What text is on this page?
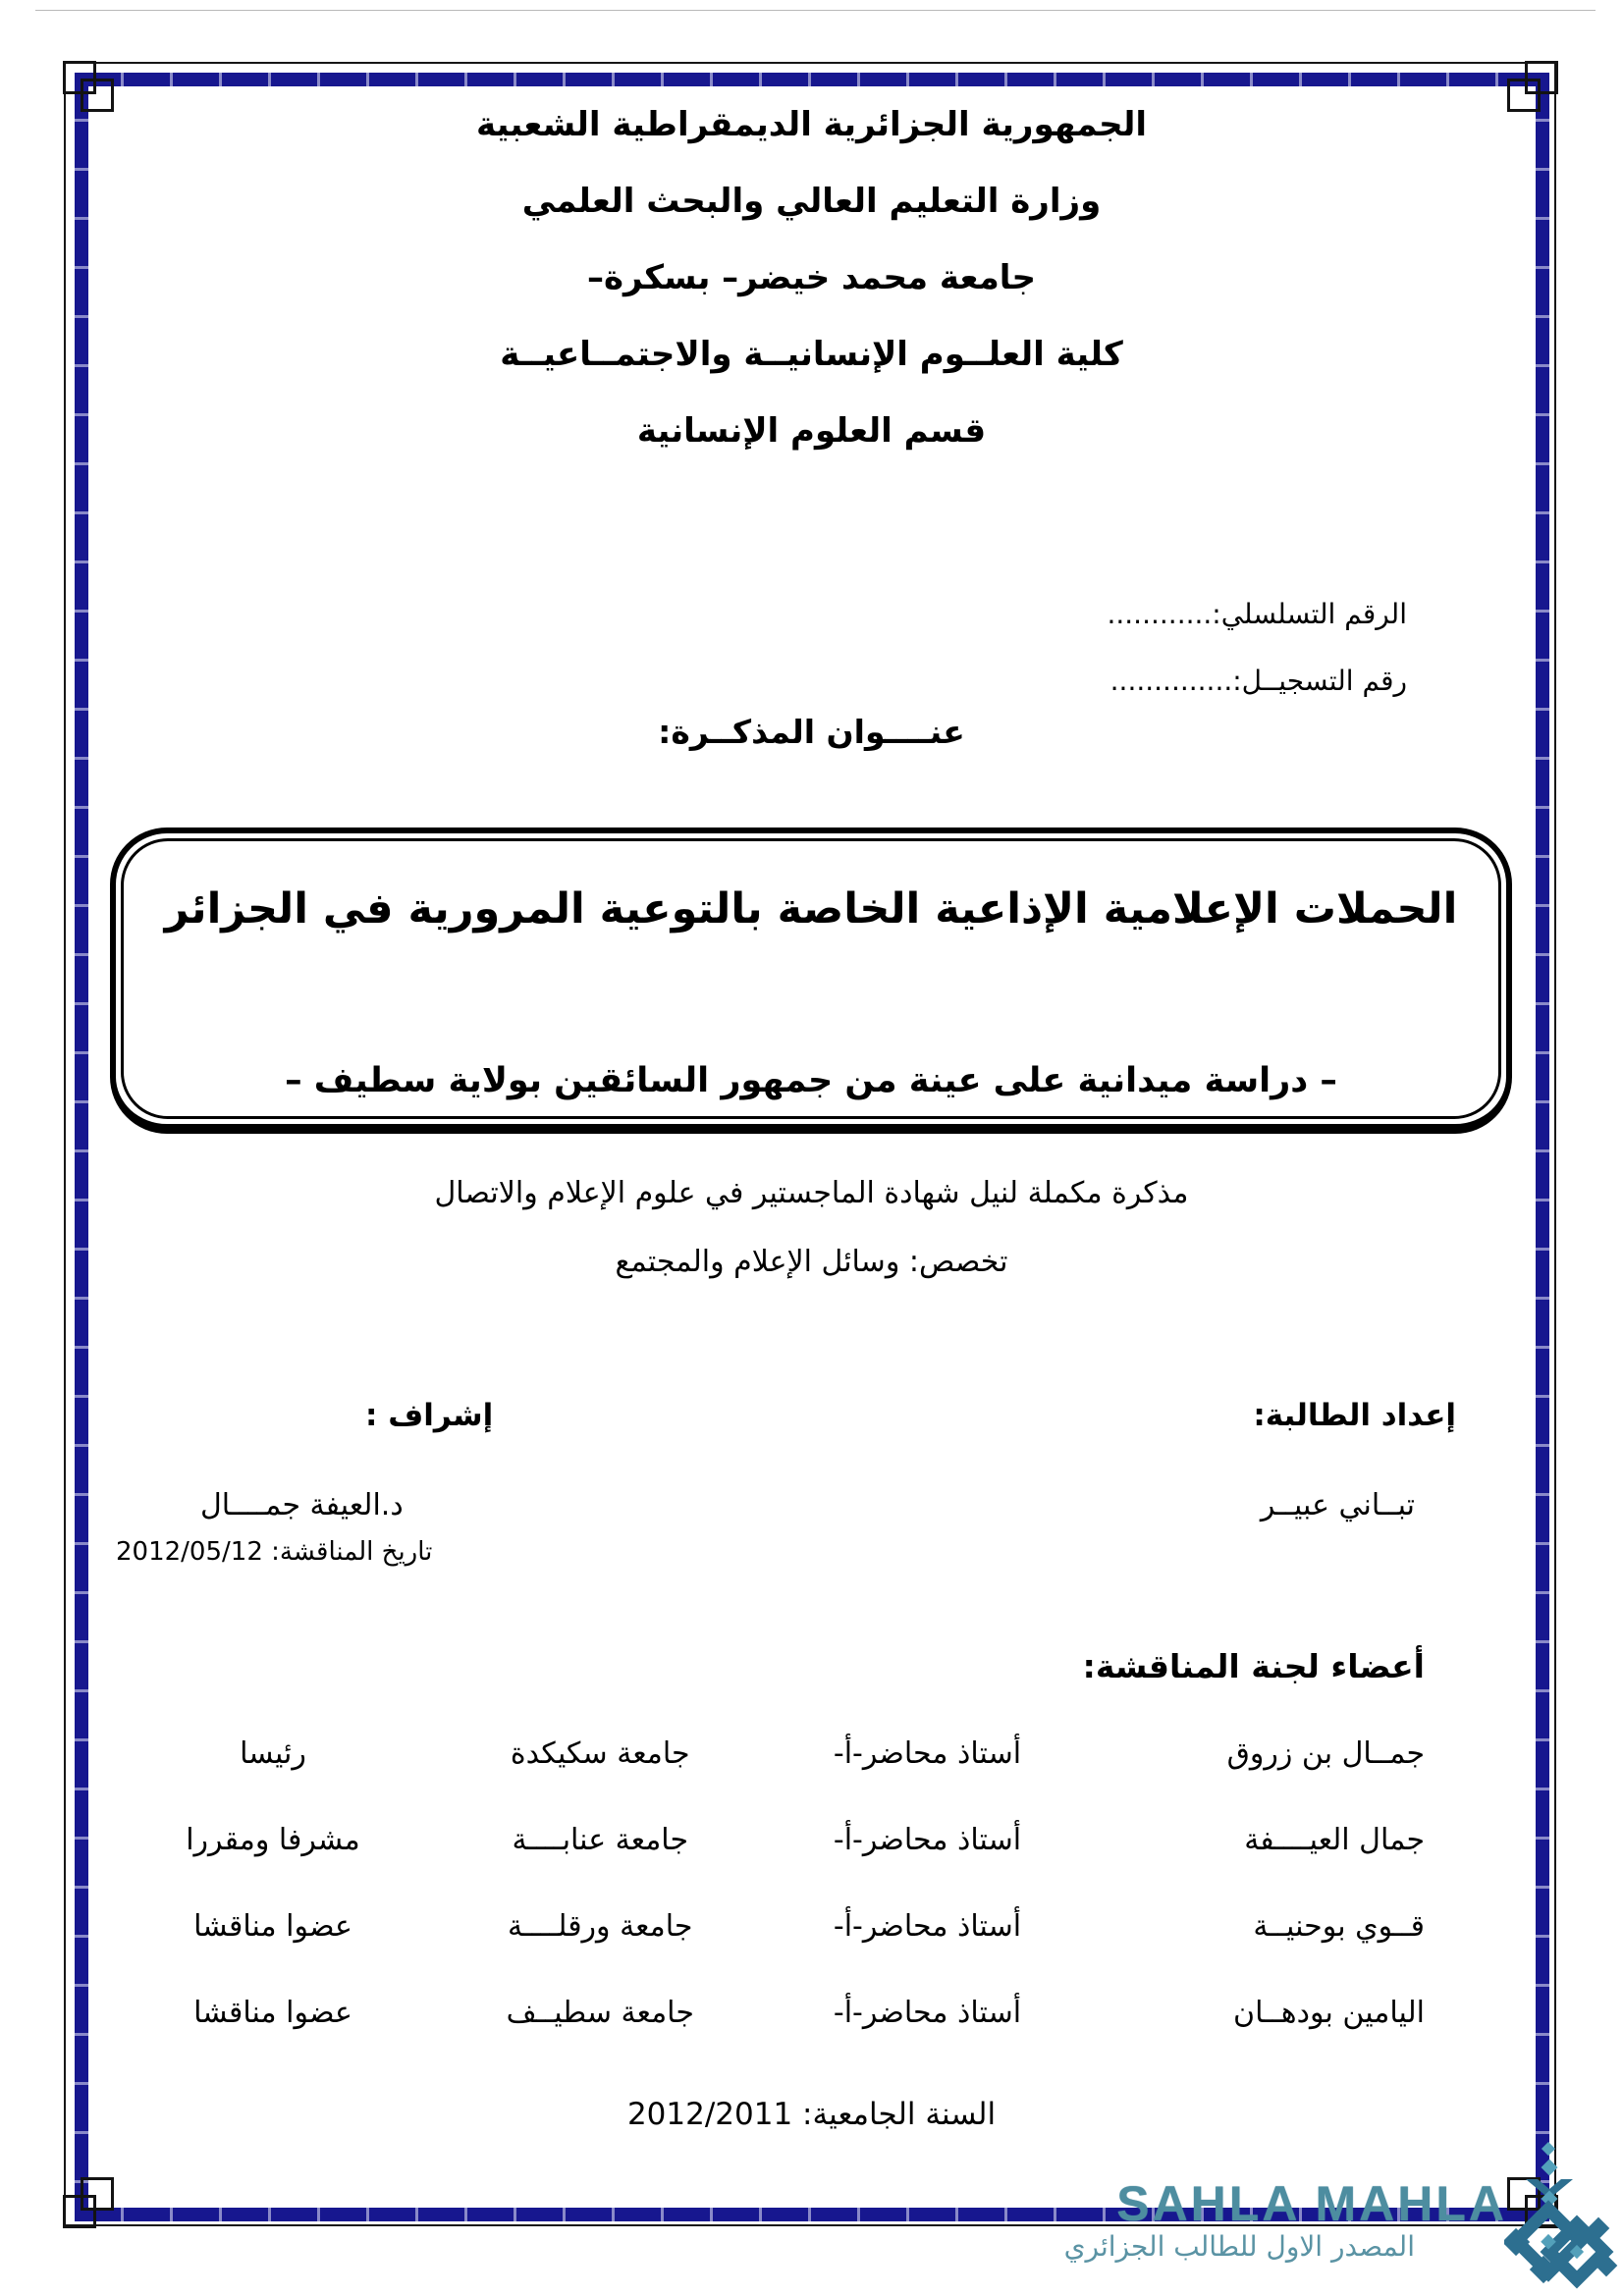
الجمهورية الجزائرية الديمقراطية الشعبية
وزارة التعليم العالي والبحث العلمي
جامعة محمد خيضر– بسكرة–
كلية العلــوم الإنسانيــة والاجتمــاعيــة
قسم العلوم الإنسانية
الرقم التسلسلي:............
رقم التسجيــل:..............
عنــــوان المذكــرة:
الحملات الإعلامية الإذاعية الخاصة بالتوعية المرورية في الجزائر
– دراسة ميدانية على عينة من جمهور السائقين بولاية سطيف –
مذكرة مكملة لنيل شهادة الماجستير في علوم الإعلام والاتصال
تخصص: وسائل الإعلام والمجتمع
إعداد الطالبة:
إشراف :
تبــاني عبيــر
د.العيفة جمــــال
تاريخ المناقشة: 2012/05/12
أعضاء لجنة المناقشة:
جمــال بن زروق
أستاذ محاضر-أ-
جامعة سكيكدة
رئيسا
جمال العيــــفة
أستاذ محاضر-أ-
جامعة عنابــــة
مشرفا ومقررا
قــوي بوحنيــة
أستاذ محاضر-أ-
جامعة ورقلــــة
عضوا مناقشا
اليامين بودهــان
أستاذ محاضر-أ-
جامعة سطيــف
عضوا مناقشا
السنة الجامعية: 2012/2011
SAHLA MAHLA
المصدر الاول للطالب الجزائري
